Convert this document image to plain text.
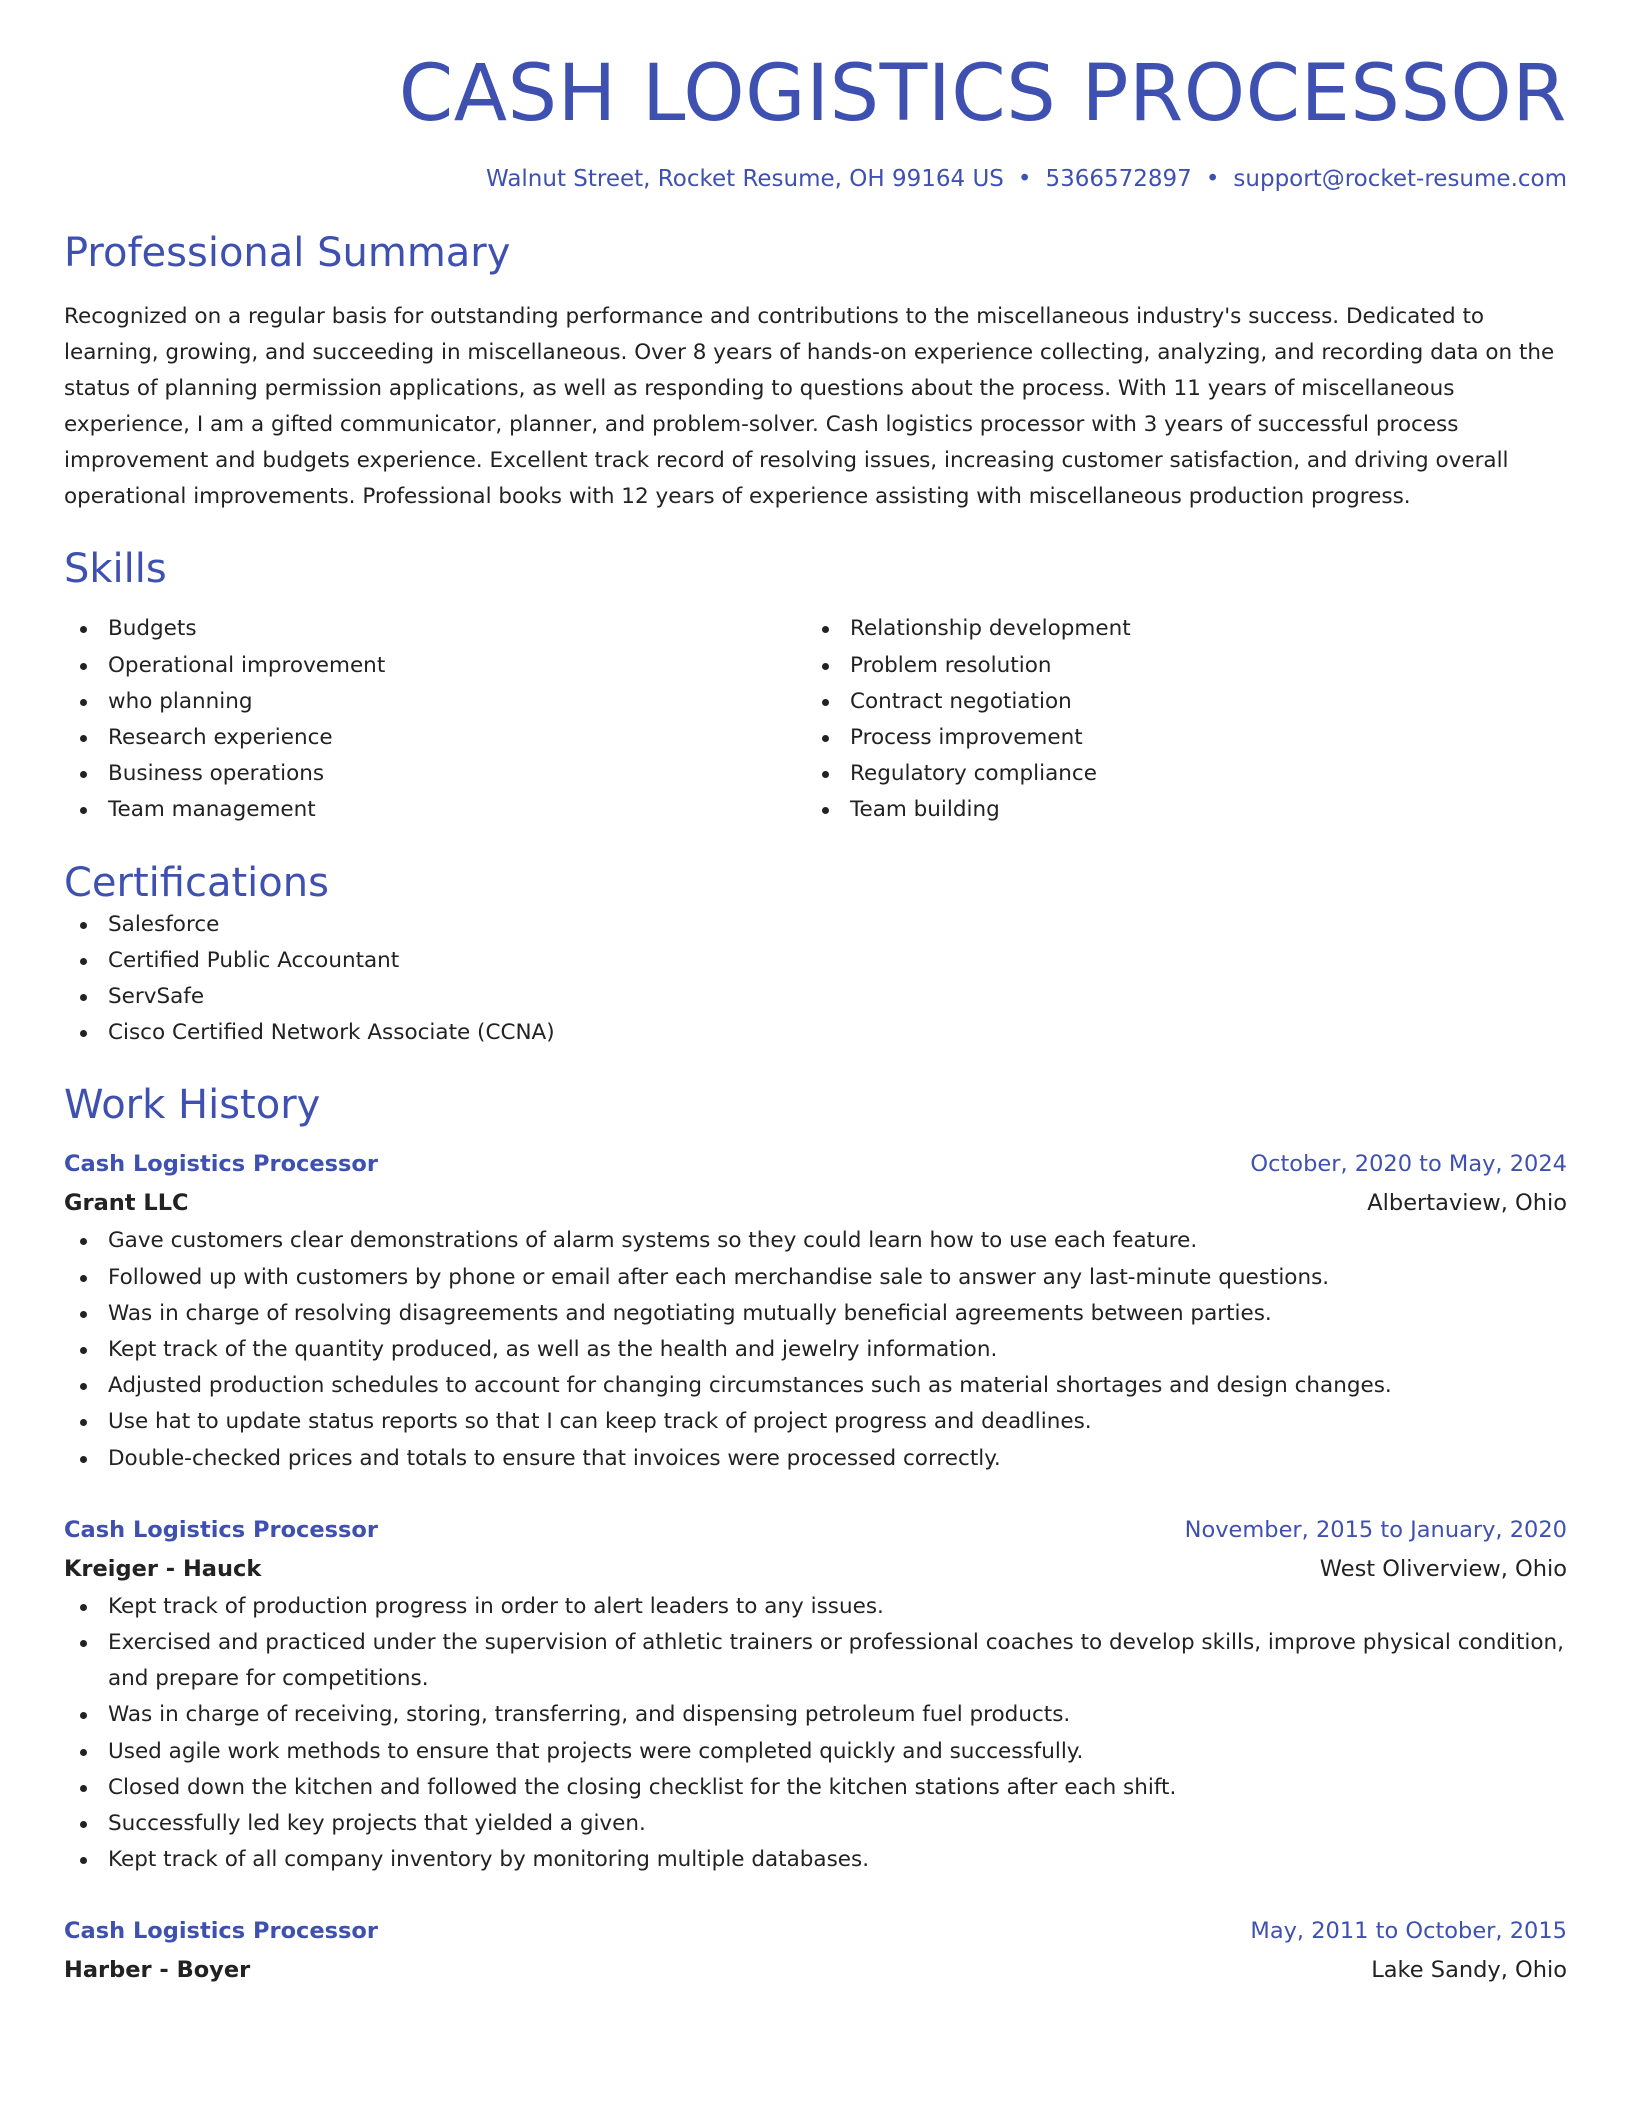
CASH LOGISTICS PROCESSOR
Walnut Street, Rocket Resume, OH 99164 US • 5366572897 • support@rocket-resume.com
Professional Summary
Recognized on a regular basis for outstanding performance and contributions to the miscellaneous industry's success. Dedicated to learning, growing, and succeeding in miscellaneous. Over 8 years of hands-on experience collecting, analyzing, and recording data on the status of planning permission applications, as well as responding to questions about the process. With 11 years of miscellaneous experience, I am a gifted communicator, planner, and problem-solver. Cash logistics processor with 3 years of successful process improvement and budgets experience. Excellent track record of resolving issues, increasing customer satisfaction, and driving overall operational improvements. Professional books with 12 years of experience assisting with miscellaneous production progress.
Skills
Budgets
Operational improvement
who planning
Research experience
Business operations
Team management
Relationship development
Problem resolution
Contract negotiation
Process improvement
Regulatory compliance
Team building
Certifications
Salesforce
Certified Public Accountant
ServSafe
Cisco Certified Network Associate (CCNA)
Work History
Cash Logistics Processor	October, 2020 to May, 2024
Grant LLC	Albertaview, Ohio
Gave customers clear demonstrations of alarm systems so they could learn how to use each feature.
Followed up with customers by phone or email after each merchandise sale to answer any last-minute questions.
Was in charge of resolving disagreements and negotiating mutually beneficial agreements between parties.
Kept track of the quantity produced, as well as the health and jewelry information.
Adjusted production schedules to account for changing circumstances such as material shortages and design changes.
Use hat to update status reports so that I can keep track of project progress and deadlines.
Double-checked prices and totals to ensure that invoices were processed correctly.
Cash Logistics Processor	November, 2015 to January, 2020
Kreiger - Hauck	West Oliverview, Ohio
Kept track of production progress in order to alert leaders to any issues.
Exercised and practiced under the supervision of athletic trainers or professional coaches to develop skills, improve physical condition, and prepare for competitions.
Was in charge of receiving, storing, transferring, and dispensing petroleum fuel products.
Used agile work methods to ensure that projects were completed quickly and successfully.
Closed down the kitchen and followed the closing checklist for the kitchen stations after each shift.
Successfully led key projects that yielded a given.
Kept track of all company inventory by monitoring multiple databases.
Cash Logistics Processor	May, 2011 to October, 2015
Harber - Boyer	Lake Sandy, Ohio
